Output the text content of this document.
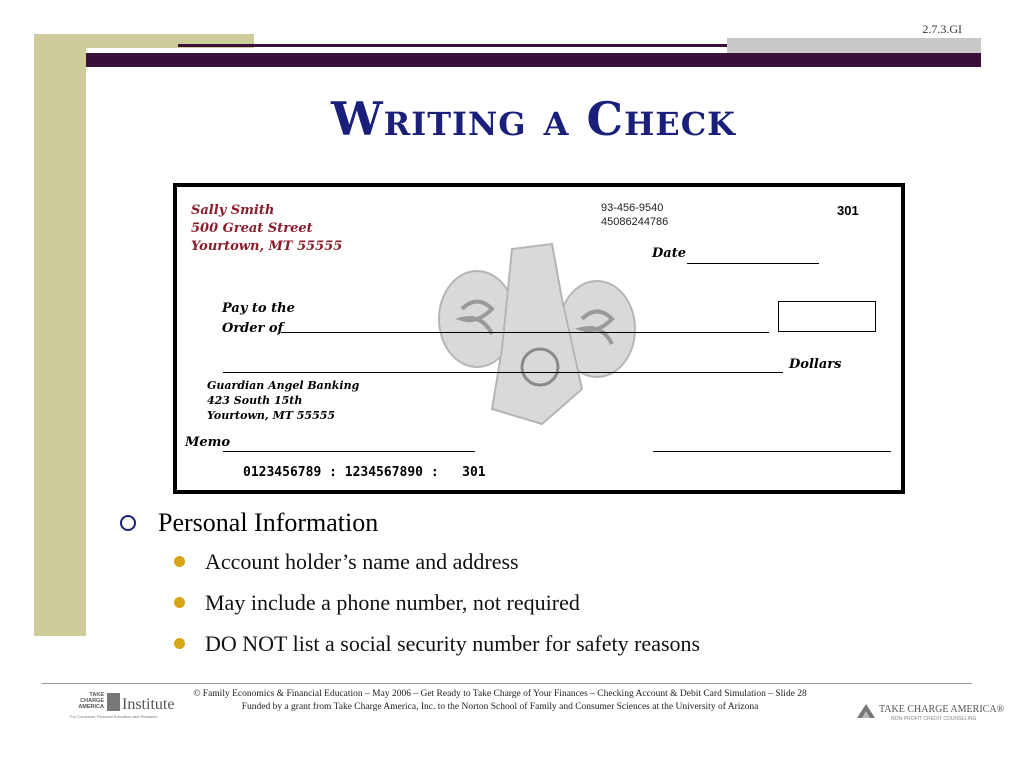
2.7.3.GI
Writing a Check
Sally Smith
500 Great Street
Yourtown, MT 55555
93-456-9540
45086244786
301
Date
Pay to the
Order of
Dollars
Guardian Angel Banking
423 South 15th
Yourtown, MT 55555
Memo
0123456789 : 1234567890 :   301
Personal Information
Account holder’s name and address
May include a phone number, not required
DO NOT list a social security number for safety reasons
© Family Economics & Financial Education – May 2006 – Get Ready to Take Charge of Your Finances – Checking Account & Debit Card Simulation – Slide 28
Funded by a grant from Take Charge America, Inc. to the Norton School of Family and Consumer Sciences at the University of Arizona
TAKE
CHARGE
AMERICA Institute
For Consumer Financial Education and Research
TAKE CHARGE AMERICA®
NON-PROFIT CREDIT COUNSELING
